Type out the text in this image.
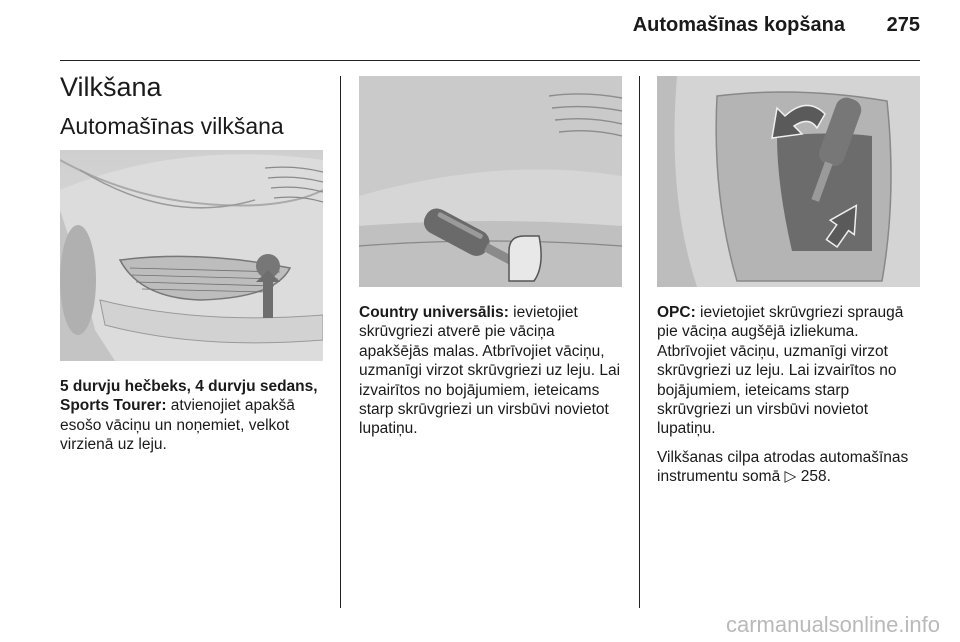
Automašīnas kopšana	275
Vilkšana
Automašīnas vilkšana

5 durvju hečbeks, 4 durvju sedans, Sports Tourer: atvienojiet apakšā esošo vāciņu un noņemiet, velkot virzienā uz leju.

Country universālis: ievietojiet skrūvgriezi atverē pie vāciņa apakšējās malas. Atbrīvojiet vāciņu, uzmanīgi virzot skrūvgriezi uz leju. Lai izvairītos no bojājumiem, ieteicams starp skrūvgriezi un virsbūvi novietot lupatiņu.

OPC: ievietojiet skrūvgriezi spraugā pie vāciņa augšējā izliekuma. Atbrīvojiet vāciņu, uzmanīgi virzot skrūvgriezi uz leju. Lai izvairītos no bojājumiem, ieteicams starp skrūvgriezi un virsbūvi novietot lupatiņu.

Vilkšanas cilpa atrodas automašīnas instrumentu somā ▷ 258.

carmanualsonline.info
